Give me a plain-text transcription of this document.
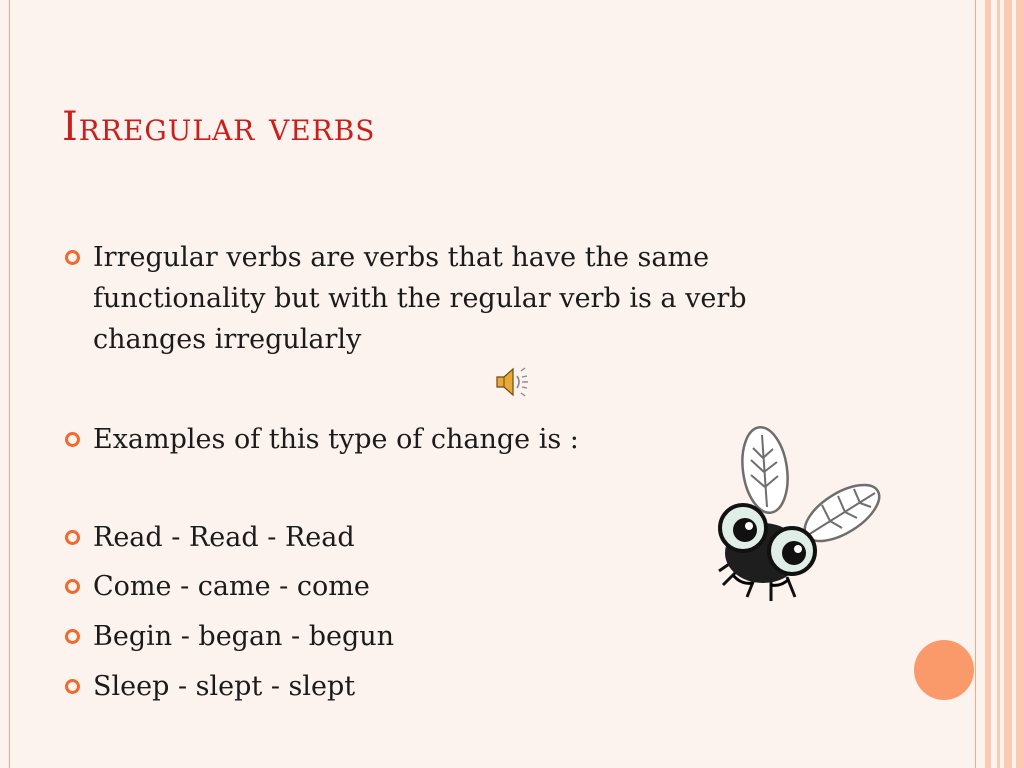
Irregular verbs
Irregular verbs are verbs that have the same functionality but with the regular verb is a verb changes irregularly
Examples of this type of change is :
Read - Read - Read
Come - came - come
Begin - began - begun
Sleep - slept - slept
